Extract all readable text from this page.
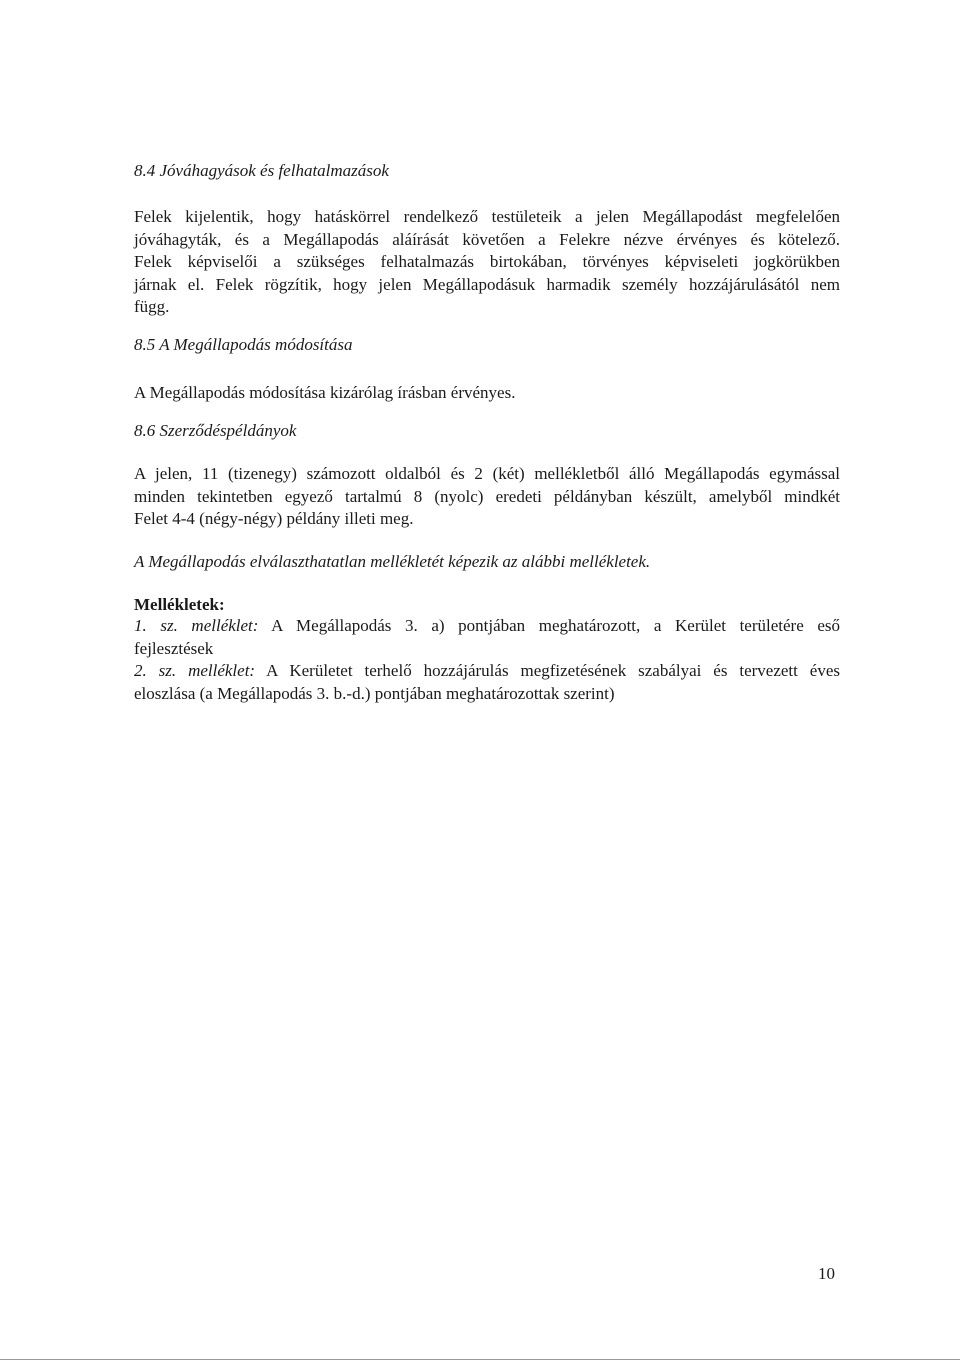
8.4 Jóváhagyások és felhatalmazások
Felek kijelentik, hogy hatáskörrel rendelkező testületeik a jelen Megállapodást megfelelően
jóváhagyták, és a Megállapodás aláírását követően a Felekre nézve érvényes és kötelező.
Felek képviselői a szükséges felhatalmazás birtokában, törvényes képviseleti jogkörükben
járnak el. Felek rögzítik, hogy jelen Megállapodásuk harmadik személy hozzájárulásától nem
függ.
8.5 A Megállapodás módosítása
A Megállapodás módosítása kizárólag írásban érvényes.
8.6 Szerződéspéldányok
A jelen, 11 (tizenegy) számozott oldalból és 2 (két) mellékletből álló Megállapodás egymással
minden tekintetben egyező tartalmú 8 (nyolc) eredeti példányban készült, amelyből mindkét
Felet 4-4 (négy-négy) példány illeti meg.
A Megállapodás elválaszthatatlan mellékletét képezik az alábbi mellékletek.
Mellékletek:
1. sz. melléklet: A Megállapodás 3. a) pontjában meghatározott, a Kerület területére eső
fejlesztések
2. sz. melléklet: A Kerületet terhelő hozzájárulás megfizetésének szabályai és tervezett éves
eloszlása (a Megállapodás 3. b.-d.) pontjában meghatározottak szerint)
10
